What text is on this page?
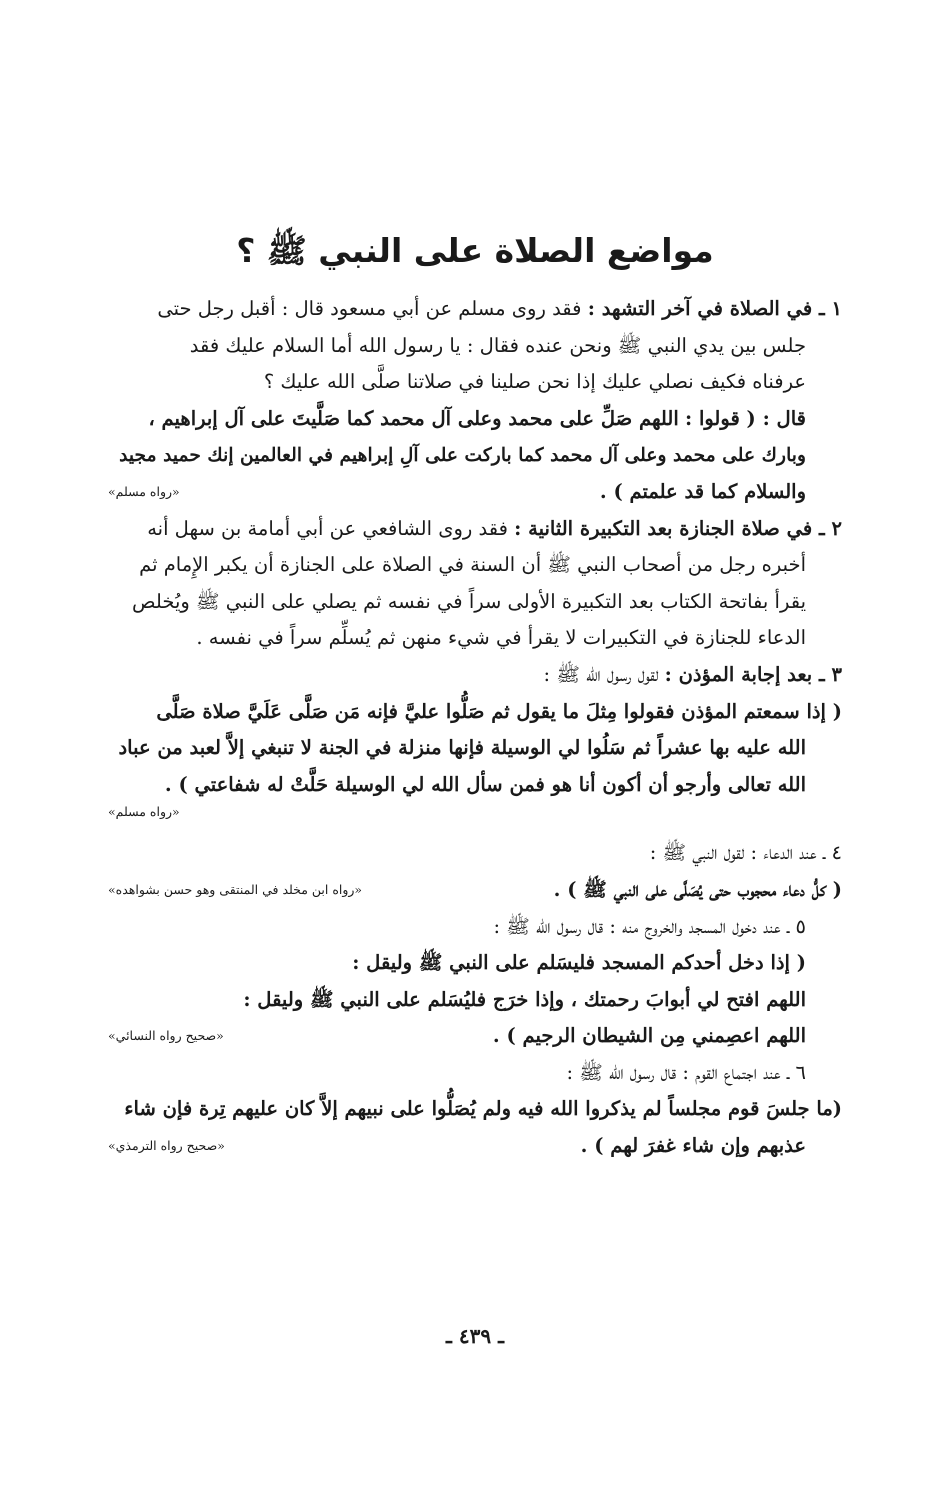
مواضع الصلاة على النبي ﷺ ؟
١ ـ في الصلاة في آخر التشهد : فقد روى مسلم عن أبي مسعود قال : أقبل رجل حتى
جلس بين يدي النبي ﷺ ونحن عنده فقال : يا رسول الله أما السلام عليك فقد
عرفناه فكيف نصلي عليك إذا نحن صلينا في صلاتنا صلَّى الله عليك ؟
قال : ( قولوا : اللهم صَلِّ على محمد وعلى آل محمد كما صَلَّيتَ على آل إبراهيم ،
وبارك على محمد وعلى آل محمد كما باركت على آلِ إبراهيم في العالمين إنك حميد مجيد
والسلام كما قد علمتم ) .
«رواه مسلم»
٢ ـ في صلاة الجنازة بعد التكبيرة الثانية : فقد روى الشافعي عن أبي أمامة بن سهل أنه
أخبره رجل من أصحاب النبي ﷺ أن السنة في الصلاة على الجنازة أن يكبر الإِمام ثم
يقرأ بفاتحة الكتاب بعد التكبيرة الأولى سراً في نفسه ثم يصلي على النبي ﷺ ويُخلص
الدعاء للجنازة في التكبيرات لا يقرأ في شيء منهن ثم يُسلِّم سراً في نفسه .
٣ ـ بعد إجابة المؤذن : لقول رسول الله ﷺ :
( إذا سمعتم المؤذن فقولوا مِثلَ ما يقول ثم صَلُّوا عليَّ فإنه مَن صَلَّى عَلَيَّ صلاة صَلَّى
الله عليه بها عشراً ثم سَلُوا لي الوسيلة فإنها منزلة في الجنة لا تنبغي إلاَّ لعبد من عباد
الله تعالى وأرجو أن أكون أنا هو فمن سأل الله لي الوسيلة حَلَّتْ له شفاعتي ) .
«رواه مسلم»
٤ ـ عند الدعاء : لقول النبي ﷺ :
( كلُّ دعاء محجوب حتى يُصَلَّى على النبي ﷺ ) .
«رواه ابن مخلد في المنتقى وهو حسن بشواهده»
٥ ـ عند دخول المسجد والخروج منه : قال رسول الله ﷺ :
( إذا دخل أحدكم المسجد فليسَلم على النبي ﷺ وليقل :
اللهم افتح لي أبوابَ رحمتك ، وإذا خرَج فليُسَلم على النبي ﷺ وليقل :
اللهم اعصِمني مِن الشيطان الرجيم ) .
«صحيح رواه النسائي»
٦ ـ عند اجتماع القوم : قال رسول الله ﷺ :
(ما جلسَ قوم مجلساً لم يذكروا الله فيه ولم يُصَلُّوا على نبيهم إلاَّ كان عليهم تِرة فإن شاء
عذبهم وإن شاء غفرَ لهم ) .
«صحيح رواه الترمذي»
ـ ٤٣٩ ـ
